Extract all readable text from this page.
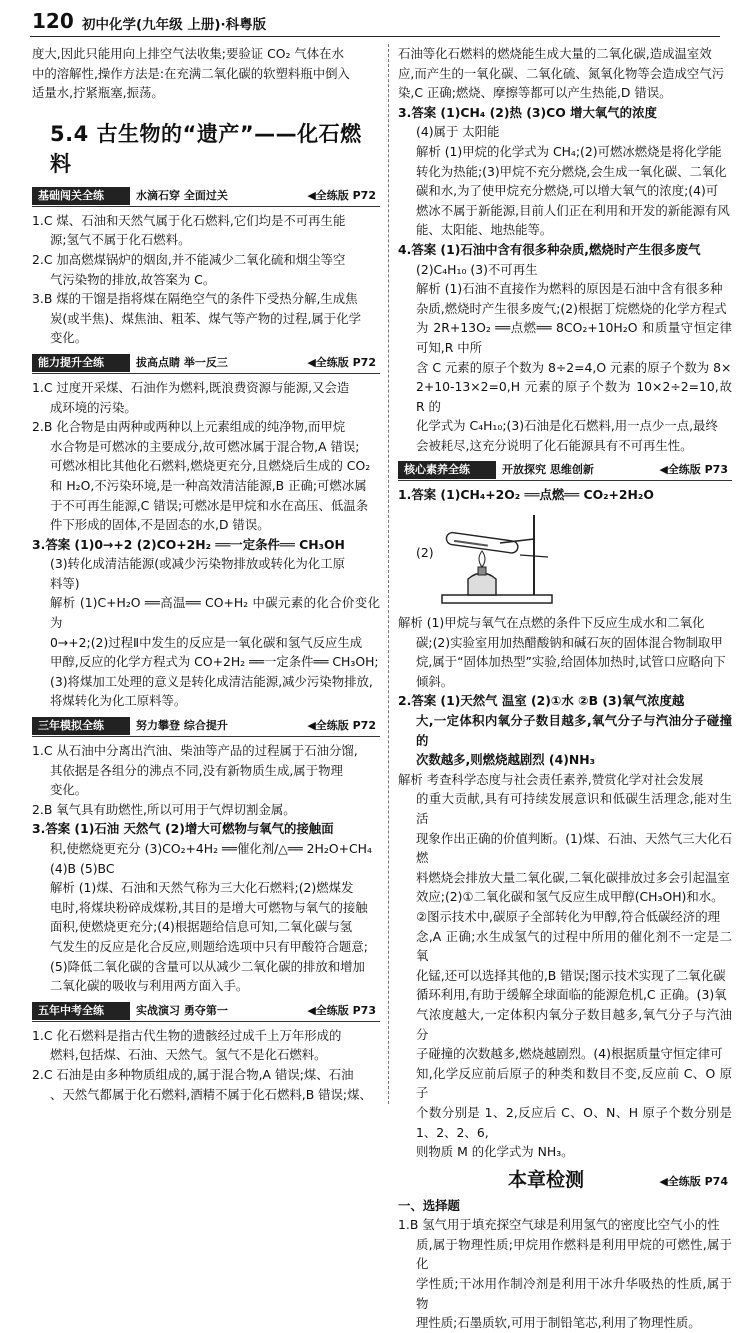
120 初中化学(九年级 上册)·科粤版

度大,因此只能用向上排空气法收集;要验证 CO₂ 气体在水

中的溶解性,操作方法是:在充满二氧化碳的软塑料瓶中倒入

适量水,拧紧瓶塞,振荡。

5.4 古生物的“遗产”——化石燃料
基础闯关全练	水滴石穿 全面过关	◀全练版 P72

1.C 煤、石油和天然气属于化石燃料,它们均是不可再生能

源;氢气不属于化石燃料。

2.C 加高燃煤锅炉的烟囱,并不能减少二氧化硫和烟尘等空

气污染物的排放,故答案为 C。

3.B 煤的干馏是指将煤在隔绝空气的条件下受热分解,生成焦

炭(或半焦)、煤焦油、粗苯、煤气等产物的过程,属于化学

变化。

能力提升全练	拔高点睛 举一反三	◀全练版 P72

1.C 过度开采煤、石油作为燃料,既浪费资源与能源,又会造

成环境的污染。

2.B 化合物是由两种或两种以上元素组成的纯净物,而甲烷

水合物是可燃冰的主要成分,故可燃冰属于混合物,A 错误;

可燃冰相比其他化石燃料,燃烧更充分,且燃烧后生成的 CO₂

和 H₂O,不污染环境,是一种高效清洁能源,B 正确;可燃冰属

于不可再生能源,C 错误;可燃冰是甲烷和水在高压、低温条

件下形成的固体,不是固态的水,D 错误。

3.答案 (1)0→+2 (2)CO+2H₂ ══一定条件══ CH₃OH

(3)转化成清洁能源(或减少污染物排放或转化为化工原

料等)

解析 (1)C+H₂O ══高温══ CO+H₂ 中碳元素的化合价变化为

0→+2;(2)过程Ⅱ中发生的反应是一氧化碳和氢气反应生成

甲醇,反应的化学方程式为 CO+2H₂ ══一定条件══ CH₃OH;

(3)将煤加工处理的意义是转化成清洁能源,减少污染物排放,

将煤转化为化工原料等。

三年模拟全练	努力攀登 综合提升	◀全练版 P72

1.C 从石油中分离出汽油、柴油等产品的过程属于石油分馏,

其依据是各组分的沸点不同,没有新物质生成,属于物理

变化。

2.B 氧气具有助燃性,所以可用于气焊切割金属。

3.答案 (1)石油 天然气 (2)增大可燃物与氧气的接触面

积,使燃烧更充分 (3)CO₂+4H₂ ══催化剂/△══ 2H₂O+CH₄

(4)B (5)BC

解析 (1)煤、石油和天然气称为三大化石燃料;(2)燃煤发

电时,将煤块粉碎成煤粉,其目的是增大可燃物与氧气的接触

面积,使燃烧更充分;(4)根据题给信息可知,二氧化碳与氢

气发生的反应是化合反应,则题给选项中只有甲酸符合题意;

(5)降低二氧化碳的含量可以从减少二氧化碳的排放和增加

二氧化碳的吸收与利用两方面入手。

五年中考全练	实战演习 勇夺第一	◀全练版 P73

1.C 化石燃料是指古代生物的遗骸经过成千上万年形成的

燃料,包括煤、石油、天然气。氢气不是化石燃料。

2.C 石油是由多种物质组成的,属于混合物,A 错误;煤、石油

、天然气都属于化石燃料,酒精不属于化石燃料,B 错误;煤、

石油等化石燃料的燃烧能生成大量的二氧化碳,造成温室效

应,而产生的一氧化碳、二氧化硫、氮氧化物等会造成空气污

染,C 正确;燃烧、摩擦等都可以产生热能,D 错误。

3.答案 (1)CH₄ (2)热 (3)CO 增大氧气的浓度

(4)属于 太阳能

解析 (1)甲烷的化学式为 CH₄;(2)可燃冰燃烧是将化学能

转化为热能;(3)甲烷不充分燃烧,会生成一氧化碳、二氧化

碳和水,为了使甲烷充分燃烧,可以增大氧气的浓度;(4)可

燃冰不属于新能源,目前人们正在利用和开发的新能源有风

能、太阳能、地热能等。

4.答案 (1)石油中含有很多种杂质,燃烧时产生很多废气

(2)C₄H₁₀ (3)不可再生

解析 (1)石油不直接作为燃料的原因是石油中含有很多种

杂质,燃烧时产生很多废气;(2)根据丁烷燃烧的化学方程式

为 2R+13O₂ ══点燃══ 8CO₂+10H₂O 和质量守恒定律可知,R 中所

含 C 元素的原子个数为 8÷2=4,O 元素的原子个数为 8×

2+10-13×2=0,H 元素的原子个数为 10×2÷2=10,故 R 的

化学式为 C₄H₁₀;(3)石油是化石燃料,用一点少一点,最终

会被耗尽,这充分说明了化石能源具有不可再生性。

核心素养全练	开放探究 思维创新	◀全练版 P73

1.答案 (1)CH₄+2O₂ ══点燃══ CO₂+2H₂O

(2)

解析 (1)甲烷与氧气在点燃的条件下反应生成水和二氧化

碳;(2)实验室用加热醋酸钠和碱石灰的固体混合物制取甲

烷,属于“固体加热型”实验,给固体加热时,试管口应略向下

倾斜。

2.答案 (1)天然气 温室 (2)①水 ②B (3)氧气浓度越

大,一定体积内氧分子数目越多,氧气分子与汽油分子碰撞的

次数越多,则燃烧越剧烈 (4)NH₃

解析 考查科学态度与社会责任素养,赞赏化学对社会发展

的重大贡献,具有可持续发展意识和低碳生活理念,能对生活

现象作出正确的价值判断。(1)煤、石油、天然气三大化石燃

料燃烧会排放大量二氧化碳,二氧化碳排放过多会引起温室

效应;(2)①二氧化碳和氢气反应生成甲醇(CH₃OH)和水。

②图示技术中,碳原子全部转化为甲醇,符合低碳经济的理

念,A 正确;水生成氢气的过程中所用的催化剂不一定是二氧

化锰,还可以选择其他的,B 错误;图示技术实现了二氧化碳

循环利用,有助于缓解全球面临的能源危机,C 正确。(3)氧

气浓度越大,一定体积内氧分子数目越多,氧气分子与汽油分

子碰撞的次数越多,燃烧越剧烈。(4)根据质量守恒定律可

知,化学反应前后原子的种类和数目不变,反应前 C、O 原子

个数分别是 1、2,反应后 C、O、N、H 原子个数分别是 1、2、2、6,

则物质 M 的化学式为 NH₃。

本章检测	◀全练版 P74

一、选择题

1.B 氢气用于填充探空气球是利用氢气的密度比空气小的性

质,属于物理性质;甲烷用作燃料是利用甲烷的可燃性,属于化

学性质;干冰用作制冷剂是利用干冰升华吸热的性质,属于物

理性质;石墨质软,可用于制铅笔芯,利用了物理性质。
